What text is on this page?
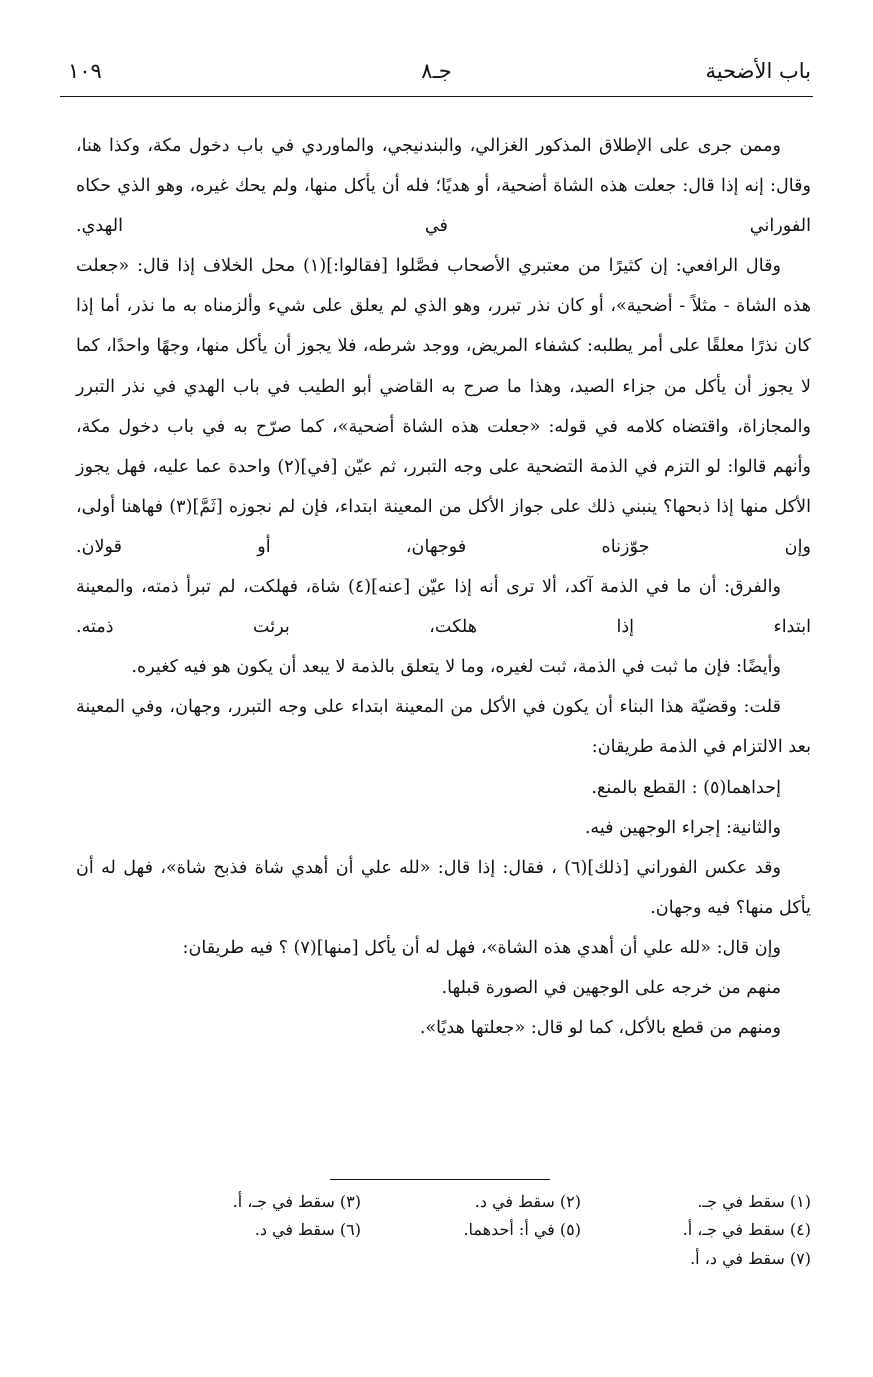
باب الأضحية
جـ٨
١٠٩

وممن جرى على الإطلاق المذكور الغزالي، والبندنيجي، والماوردي في باب دخول مكة، وكذا هنا، وقال: إنه إذا قال: جعلت هذه الشاة أضحية، أو هديًا؛ فله أن يأكل منها، ولم يحك غيره، وهو الذي حكاه الفوراني في الهدي.

وقال الرافعي: إن كثيرًا من معتبري الأصحاب فصَّلوا [فقالوا:](١) محل الخلاف إذا قال: «جعلت هذه الشاة - مثلاً - أضحية»، أو كان نذر تبرر، وهو الذي لم يعلق على شيء وألزمناه به ما نذر، أما إذا كان نذرًا معلقًا على أمر يطلبه: كشفاء المريض، ووجد شرطه، فلا يجوز أن يأكل منها، وجهًا واحدًا، كما لا يجوز أن يأكل من جزاء الصيد، وهذا ما صرح به القاضي أبو الطيب في باب الهدي في نذر التبرر والمجازاة، واقتضاه كلامه في قوله: «جعلت هذه الشاة أضحية»، كما صرّح به في باب دخول مكة، وأنهم قالوا: لو التزم في الذمة التضحية على وجه التبرر، ثم عيّن [في](٢) واحدة عما عليه، فهل يجوز الأكل منها إذا ذبحها؟ ينبني ذلك على جواز الأكل من المعينة ابتداء، فإن لم نجوزه [ثَمَّ](٣) فهاهنا أولى، وإن جوّزناه فوجهان، أو قولان.

والفرق: أن ما في الذمة آكد، ألا ترى أنه إذا عيّن [عنه](٤) شاة، فهلكت، لم تبرأ ذمته، والمعينة ابتداء إذا هلكت، برئت ذمته.

وأيضًا: فإن ما ثبت في الذمة، ثبت لغيره، وما لا يتعلق بالذمة لا يبعد أن يكون هو فيه كغيره.

قلت: وقضيّة هذا البناء أن يكون في الأكل من المعينة ابتداء على وجه التبرر، وجهان، وفي المعينة بعد الالتزام في الذمة طريقان:

إحداهما(٥) : القطع بالمنع.

والثانية: إجراء الوجهين فيه.

وقد عكس الفوراني [ذلك](٦) ، فقال: إذا قال: «لله علي أن أهدي شاة فذبح شاة»، فهل له أن يأكل منها؟ فيه وجهان.

وإن قال: «لله علي أن أهدي هذه الشاة»، فهل له أن يأكل [منها](٧) ؟ فيه طريقان:

منهم من خرجه على الوجهين في الصورة قبلها.

ومنهم من قطع بالأكل، كما لو قال: «جعلتها هديًا».

(١) سقط في جـ.
(٢) سقط في د.
(٣) سقط في جـ، أ.
(٤) سقط في جـ، أ.
(٥) في أ: أحدهما.
(٦) سقط في د.
(٧) سقط في د، أ.
